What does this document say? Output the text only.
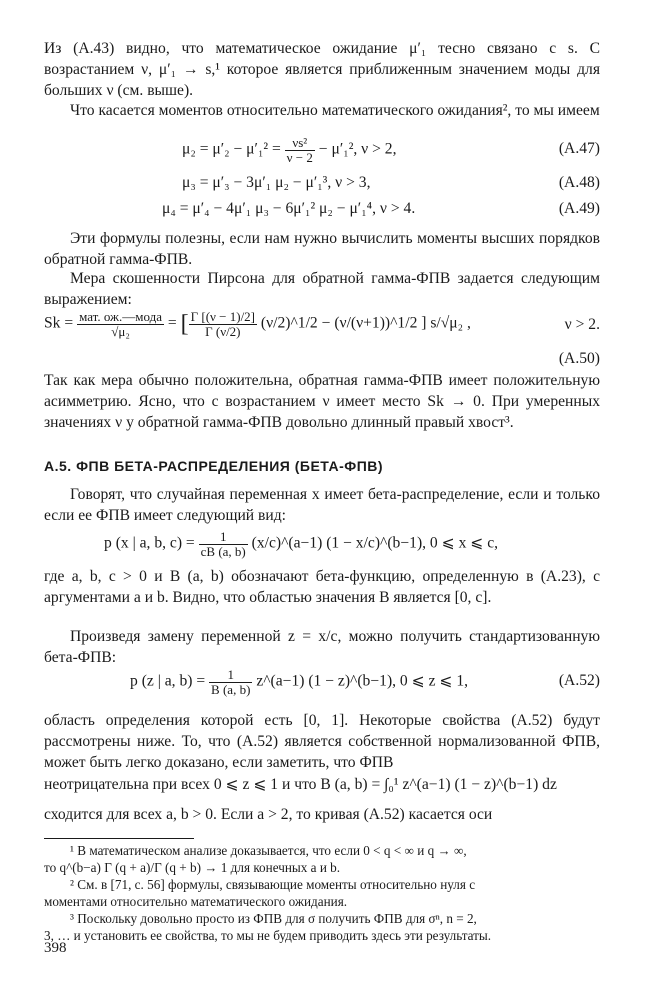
Из (А.43) видно, что математическое ожидание μ′₁ тесно связано с s. С возрастанием ν, μ′₁ → s,¹ которое является приближенным значением моды для больших ν (см. выше).

Что касается моментов относительно математического ожидания², то мы имеем

$\mu_2 = \mu'_2 - \mu'_1^2 = \frac{\text{νs²}}{\nu - 2} - \mu'_1^2$, ν > 2,	(А.47)
μ₃ = μ′₃ − 3μ′₁ μ₂ − μ′₁³, ν > 3,	(А.48)
μ₄ = μ′₄ − 4μ′₁ μ₃ − 6μ′₁² μ₂ − μ′₁⁴, ν > 4.	(А.49)

Эти формулы полезны, если нам нужно вычислить моменты высших порядков обратной гамма-ФПВ.

Мера скошенности Пирсона для обратной гамма-ФПВ задается следующим выражением:

$Sk = \frac{\text{мат. ож.—мода}}{\text{√μ₂}}$ = [ $\frac{\Gamma [(\nu - 1)/2]}{\Gamma (\nu/2)}$ (ν/2)^1/2 − (ν/(ν+1))^1/2 ] s/√μ₂ ,	ν > 2.
(А.50)

Так как мера обычно положительна, обратная гамма-ФПВ имеет положительную асимметрию. Ясно, что с возрастанием ν имеет место Sk → 0. При умеренных значениях ν у обратной гамма-ФПВ довольно длинный правый хвост³.

А.5. ФПВ БЕТА-РАСПРЕДЕЛЕНИЯ (БЕТА-ФПВ)

Говорят, что случайная переменная x имеет бета-распределение, если и только если ее ФПВ имеет следующий вид:

p (x | a, b, $c) = \frac{1}{cB (a, b)}$ (x/c)^(a−1) (1 − x/c)^(b−1), 0 ⩽ x ⩽ c,

где a, b, c > 0 и B (a, b) обозначают бета-функцию, определенную в (А.23), с аргументами a и b. Видно, что областью значения B является [0, c].

Произведя замену переменной z = x/c, можно получить стандартизованную бета-ФПВ:

p (z | a, $b) = \frac{1}{B (a, b)}$ z^(a−1) (1 − z)^(b−1), 0 ⩽ z ⩽ 1,	(А.52)

область определения которой есть [0, 1]. Некоторые свойства (А.52) будут рассмотрены ниже. То, что (А.52) является собственной нормализованной ФПВ, может быть легко доказано, если заметить, что ФПВ

неотрицательна при всех 0 ⩽ z ⩽ 1 и что B (a, b) = ∫₀¹ z^(a−1) (1 − z)^(b−1) dz

сходится для всех a, b > 0. Если a > 2, то кривая (А.52) касается оси

¹ В математическом анализе доказывается, что если 0 < q < ∞ и q → ∞,

то q^(b−a) Γ (q + a)/Γ (q + b) → 1 для конечных a и b.

² См. в [71, с. 56] формулы, связывающие моменты относительно нуля с

моментами относительно математического ожидания.

³ Поскольку довольно просто из ФПВ для σ получить ФПВ для σⁿ, n = 2,

3, … и установить ее свойства, то мы не будем приводить здесь эти результаты.

398
